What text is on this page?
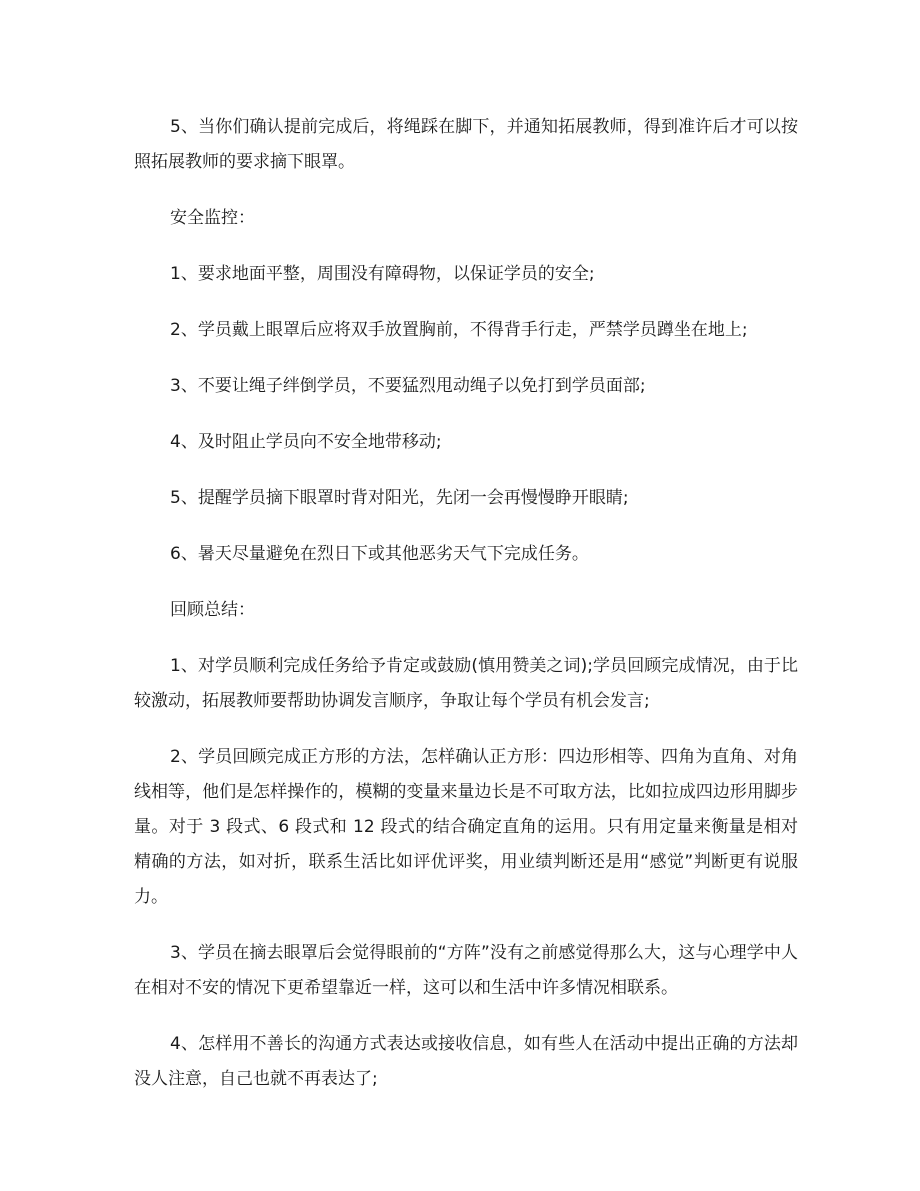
5、当你们确认提前完成后，将绳踩在脚下，并通知拓展教师，得到准许后才可以按照拓展教师的要求摘下眼罩。

安全监控：

1、要求地面平整，周围没有障碍物，以保证学员的安全;

2、学员戴上眼罩后应将双手放置胸前，不得背手行走，严禁学员蹲坐在地上;

3、不要让绳子绊倒学员，不要猛烈甩动绳子以免打到学员面部;

4、及时阻止学员向不安全地带移动;

5、提醒学员摘下眼罩时背对阳光，先闭一会再慢慢睁开眼睛;

6、暑天尽量避免在烈日下或其他恶劣天气下完成任务。

回顾总结：

1、对学员顺利完成任务给予肯定或鼓励(慎用赞美之词);学员回顾完成情况，由于比较激动，拓展教师要帮助协调发言顺序，争取让每个学员有机会发言;

2、学员回顾完成正方形的方法，怎样确认正方形：四边形相等、四角为直角、对角线相等，他们是怎样操作的，模糊的变量来量边长是不可取方法，比如拉成四边形用脚步量。对于 3 段式、6 段式和 12 段式的结合确定直角的运用。只有用定量来衡量是相对精确的方法，如对折，联系生活比如评优评奖，用业绩判断还是用“感觉”判断更有说服力。

3、学员在摘去眼罩后会觉得眼前的“方阵”没有之前感觉得那么大，这与心理学中人在相对不安的情况下更希望靠近一样，这可以和生活中许多情况相联系。

4、怎样用不善长的沟通方式表达或接收信息，如有些人在活动中提出正确的方法却没人注意，自己也就不再表达了;
